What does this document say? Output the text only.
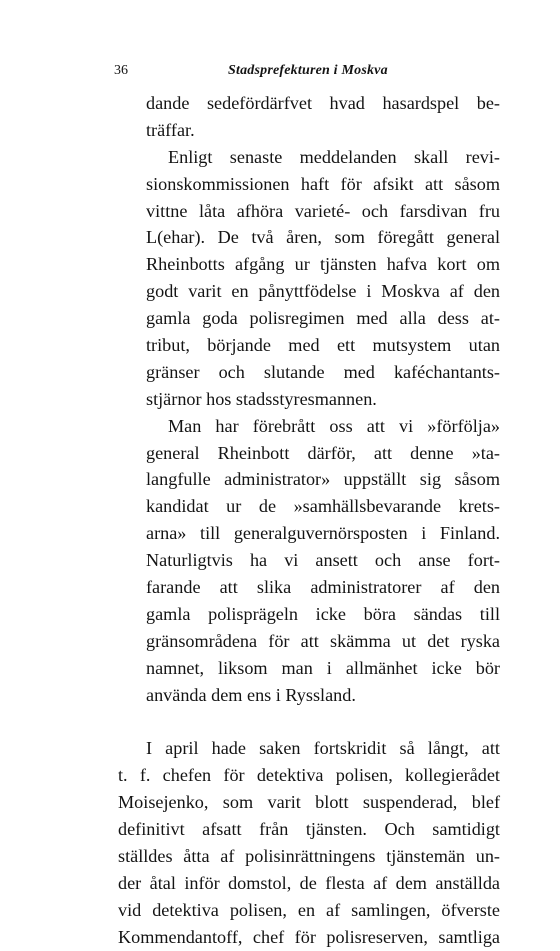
36	Stadsprefekturen i Moskva
dande sedefördärfvet hvad hasardspel be-
träffar.
Enligt senaste meddelanden skall revi-
sionskommissionen haft för afsikt att såsom
vittne låta afhöra varieté- och farsdivan fru
L(ehar). De två åren, som föregått general
Rheinbotts afgång ur tjänsten hafva kort om
godt varit en pånyttfödelse i Moskva af den
gamla goda polisregimen med alla dess at-
tribut, börjande med ett mutsystem utan
gränser och slutande med kaféchantants-
stjärnor hos stadsstyresmannen.
Man har förebrått oss att vi »förfölja»
general Rheinbott därför, att denne »ta-
langfulle administrator» uppställt sig såsom
kandidat ur de »samhällsbevarande krets-
arna» till generalguvernörsposten i Finland.
Naturligtvis ha vi ansett och anse fort-
farande att slika administratorer af den
gamla polisprägeln icke böra sändas till
gränsområdena för att skämma ut det ryska
namnet, liksom man i allmänhet icke bör
använda dem ens i Ryssland.
I april hade saken fortskridit så långt, att
t. f. chefen för detektiva polisen, kollegierådet
Moisejenko, som varit blott suspenderad, blef
definitivt afsatt från tjänsten. Och samtidigt
ställdes åtta af polisinrättningens tjänstemän un-
der åtal inför domstol, de flesta af dem anställda
vid detektiva polisen, en af samlingen, öfverste
Kommendantoff, chef för polisreserven, samtliga
